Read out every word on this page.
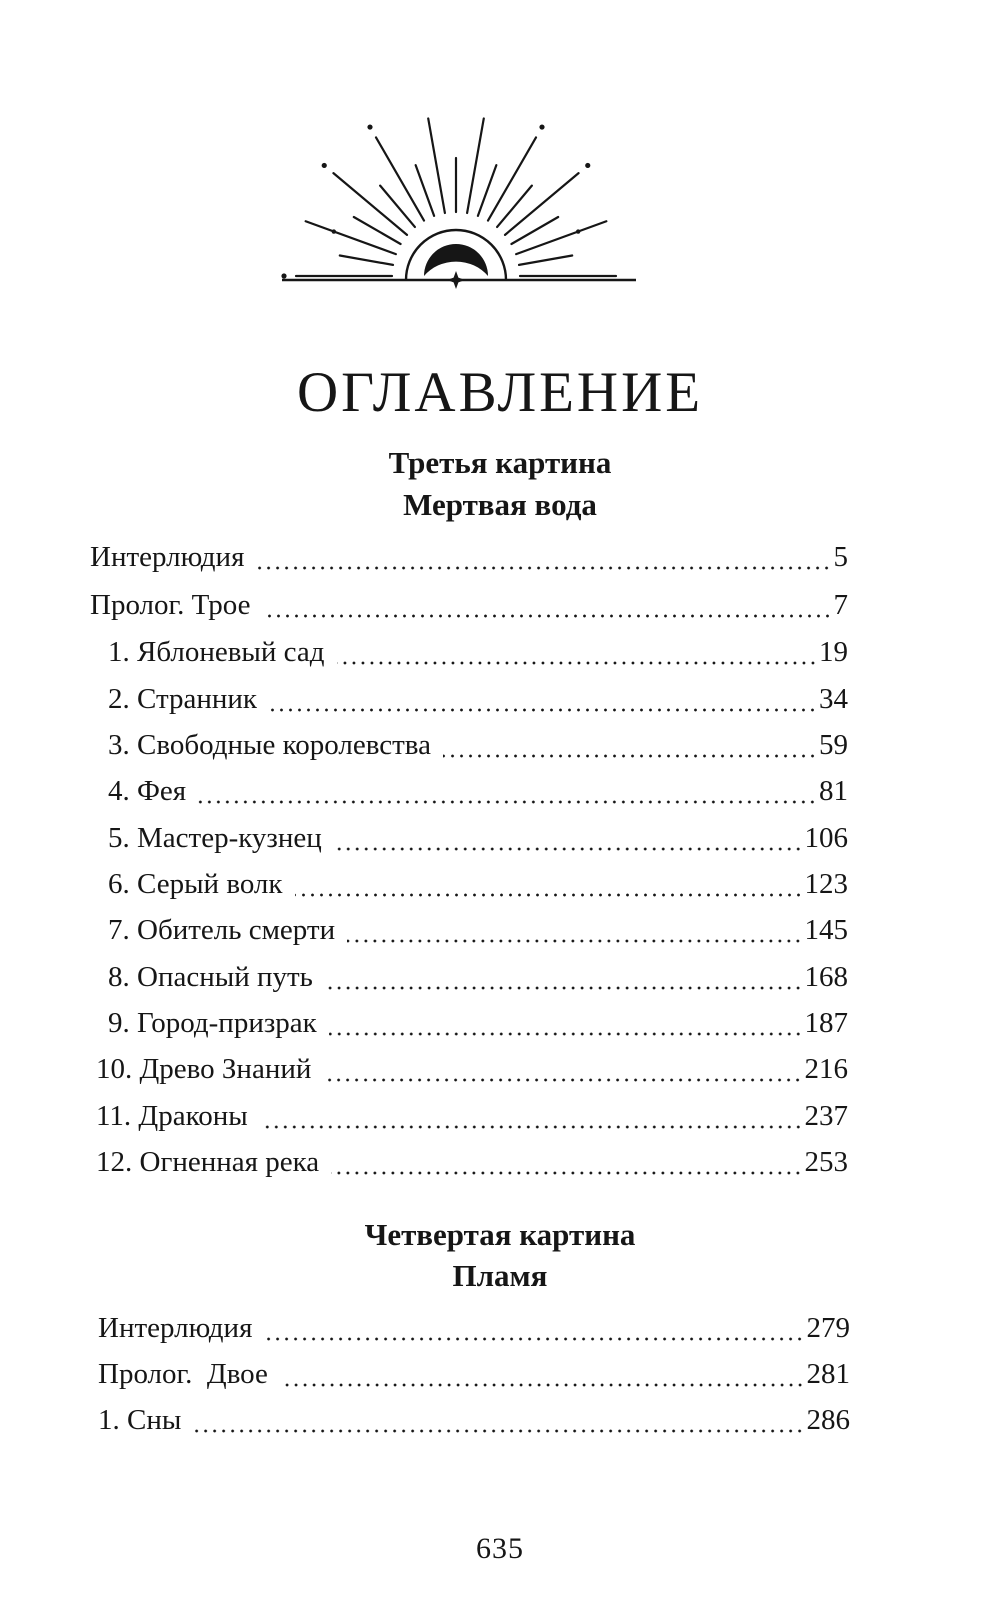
ОГЛАВЛЕНИЕ
Третья картина
Мертвая вода
Интерлюдия	5
Пролог. Трое	7
1. Яблоневый сад	19
2. Странник	34
3. Свободные королевства	59
4. Фея	81
5. Мастер-кузнец	106
6. Серый волк	123
7. Обитель смерти	145
8. Опасный путь	168
9. Город-призрак	187
10. Древо Знаний	216
11. Драконы	237
12. Огненная река	253
Четвертая картина
Пламя
Интерлюдия	279
Пролог.  Двое	281
1. Сны	286
635
